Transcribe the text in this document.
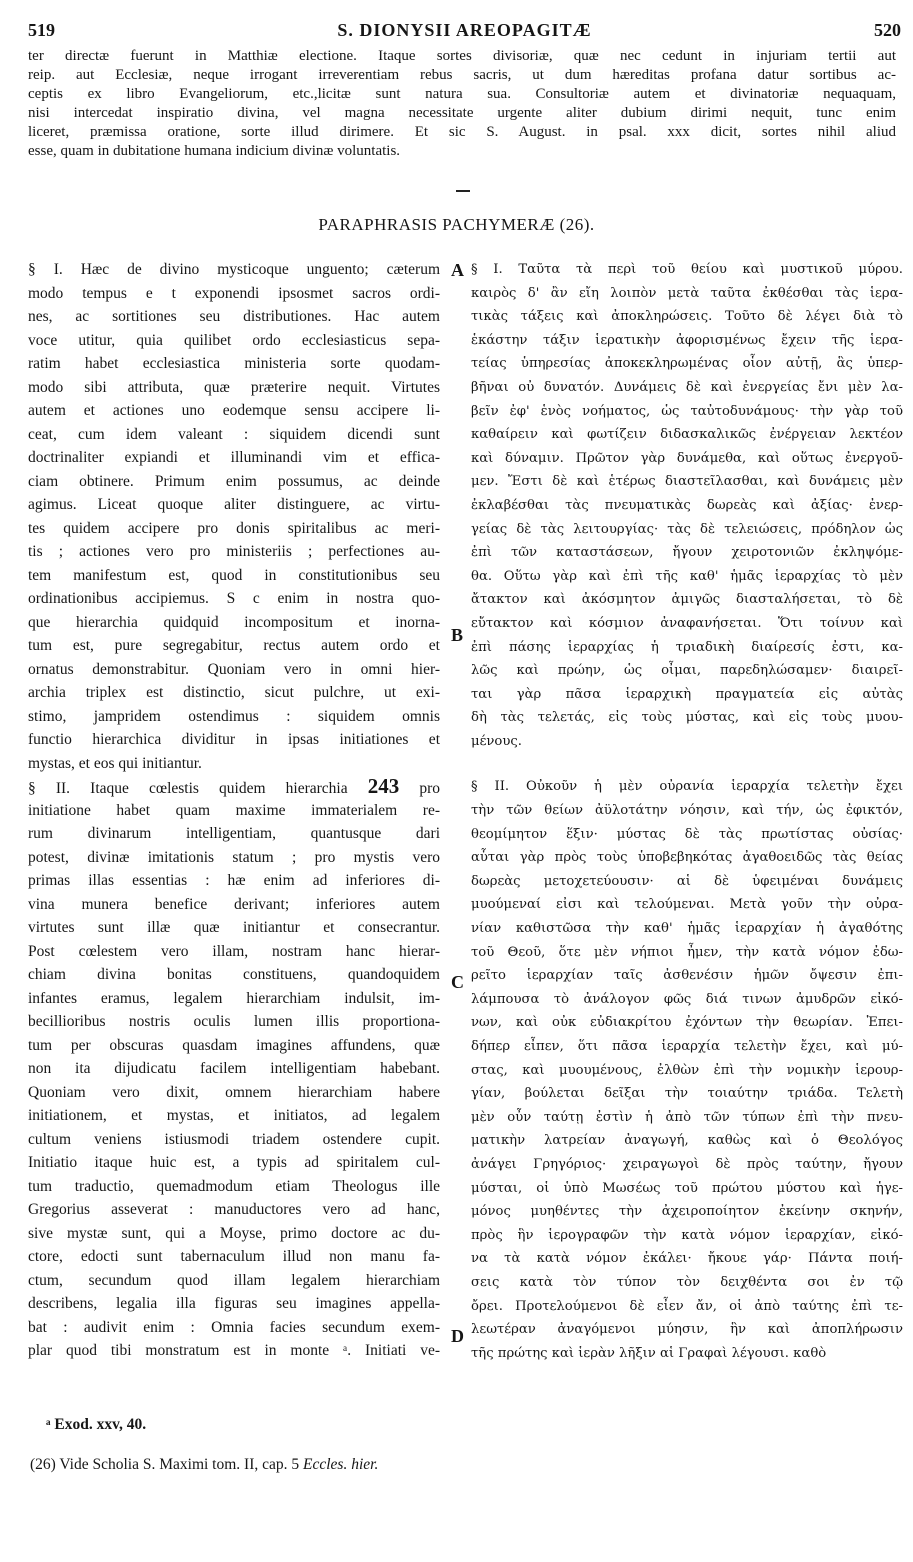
519	S. DIONYSII AREOPAGITÆ	520
ter directæ fuerunt in Matthiæ electione. Itaque sortes divisoriæ, quæ nec cedunt in injuriam tertii aut
reip. aut Ecclesiæ, neque irrogant irreverentiam rebus sacris, ut dum hæreditas profana datur sortibus ac-
ceptis ex libro Evangeliorum, etc.,licitæ sunt natura sua. Consultoriæ autem et divinatoriæ nequaquam,
nisi intercedat inspiratio divina, vel magna necessitate urgente aliter dubium dirimi nequit, tunc enim
liceret, præmissa oratione, sorte illud dirimere. Et sic S. August. in psal. xxx dicit, sortes nihil aliud
esse, quam in dubitatione humana indicium divinæ voluntatis.
PARAPHRASIS PACHYMERÆ (26).
§ I. Hæc de divino mysticoque unguento; cæterum
modo tempus e t exponendi ipsosmet sacros ordi-
nes, ac sortitiones seu distributiones. Hac autem
voce utitur, quia quilibet ordo ecclesiasticus sepa-
ratim habet ecclesiastica ministeria sorte quodam-
modo sibi attributa, quæ præterire nequit. Virtutes
autem et actiones uno eodemque sensu accipere li-
ceat, cum idem valeant : siquidem dicendi sunt
doctrinaliter expiandi et illuminandi vim et effica-
ciam obtinere. Primum enim possumus, ac deinde
agimus. Liceat quoque aliter distinguere, ac virtu-
tes quidem accipere pro donis spiritalibus ac meri-
tis ; actiones vero pro ministeriis ; perfectiones au-
tem manifestum est, quod in constitutionibus seu
ordinationibus accipiemus. S c enim in nostra quo-
que hierarchia quidquid incompositum et inorna-
tum est, pure segregabitur, rectus autem ordo et
ornatus demonstrabitur. Quoniam vero in omni hier-
archia triplex est distinctio, sicut pulchre, ut exi-
stimo, jampridem ostendimus : siquidem omnis
functio hierarchica dividitur in ipsas initiationes et
mystas, et eos qui initiantur.
§ II. Itaque cœlestis quidem hierarchia 243 pro
initiatione habet quam maxime immaterialem re-
rum divinarum intelligentiam, quantusque dari
potest, divinæ imitationis statum ; pro mystis vero
primas illas essentias : hæ enim ad inferiores di-
vina munera benefice derivant; inferiores autem
virtutes sunt illæ quæ initiantur et consecrantur.
Post cœlestem vero illam, nostram hanc hierar-
chiam divina bonitas constituens, quandoquidem
infantes eramus, legalem hierarchiam indulsit, im-
becillioribus nostris oculis lumen illis proportiona-
tum per obscuras quasdam imagines affundens, quæ
non ita dijudicatu facilem intelligentiam habebant.
Quoniam vero dixit, omnem hierarchiam habere
initiationem, et mystas, et initiatos, ad legalem
cultum veniens istiusmodi triadem ostendere cupit.
Initiatio itaque huic est, a typis ad spiritalem cul-
tum traductio, quemadmodum etiam Theologus ille
Gregorius asseverat : manuductores vero ad hanc,
sive mystæ sunt, qui a Moyse, primo doctore ac du-
ctore, edocti sunt tabernaculum illud non manu fa-
ctum, secundum quod illam legalem hierarchiam
describens, legalia illa figuras seu imagines appella-
bat : audivit enim : Omnia facies secundum exem-
plar quod tibi monstratum est in monte ᵃ. Initiati ve-
A
B
C
D
§ I. Ταῦτα τὰ περὶ τοῦ θείου καὶ μυστικοῦ μύρου.
καιρὸς δ' ἂν εἴη λοιπὸν μετὰ ταῦτα ἐκθέσθαι τὰς ἱερα-
τικὰς τάξεις καὶ ἀποκληρώσεις. Τοῦτο δὲ λέγει διὰ τὸ
ἑκάστην τάξιν ἱερατικὴν ἀφορισμένως ἔχειν τῆς ἱερα-
τείας ὑπηρεσίας ἀποκεκληρωμένας οἷον αὐτῇ, ἃς ὑπερ-
βῆναι οὐ δυνατόν. Δυνάμεις δὲ καὶ ἐνεργείας ἔνι μὲν λα-
βεῖν ἐφ' ἑνὸς νοήματος, ὡς ταὐτοδυνάμους· τὴν γὰρ τοῦ
καθαίρειν καὶ φωτίζειν διδασκαλικῶς ἐνέργειαν λεκτέον
καὶ δύναμιν. Πρῶτον γὰρ δυνάμεθα, καὶ οὕτως ἐνεργοῦ-
μεν. Ἔστι δὲ καὶ ἑτέρως διαστεῖλασθαι, καὶ δυνάμεις μὲν
ἐκλαβέσθαι τὰς πνευματικὰς δωρεὰς καὶ ἀξίας· ἐνερ-
γείας δὲ τὰς λειτουργίας· τὰς δὲ τελειώσεις, πρόδηλον ὡς
ἐπὶ τῶν καταστάσεων, ἤγουν χειροτονιῶν ἐκληψόμε-
θα. Οὕτω γὰρ καὶ ἐπὶ τῆς καθ' ἡμᾶς ἱεραρχίας τὸ μὲν
ἄτακτον καὶ ἀκόσμητον ἀμιγῶς διασταλήσεται, τὸ δὲ
εὔτακτον καὶ κόσμιον ἀναφανήσεται. Ὅτι τοίνυν καὶ
ἐπὶ πάσης ἱεραρχίας ἡ τριαδικὴ διαίρεσίς ἐστι, κα-
λῶς καὶ πρώην, ὡς οἶμαι, παρεδηλώσαμεν· διαιρεῖ-
ται γὰρ πᾶσα ἱεραρχικὴ πραγματεία εἰς αὐτὰς
δὴ τὰς τελετάς, εἰς τοὺς μύστας, καὶ εἰς τοὺς μυου-
μένους.
§ II. Οὐκοῦν ἡ μὲν οὐρανία ἱεραρχία τελετὴν ἔχει
τὴν τῶν θείων ἀϋλοτάτην νόησιν, καὶ τήν, ὡς ἐφικτόν,
θεομίμητον ἕξιν· μύστας δὲ τὰς πρωτίστας οὐσίας·
αὗται γὰρ πρὸς τοὺς ὑποβεβηκότας ἀγαθοειδῶς τὰς θείας
δωρεὰς μετοχετεύουσιν· αἱ δὲ ὑφειμέναι δυνάμεις
μυούμεναί εἰσι καὶ τελούμεναι. Μετὰ γοῦν τὴν οὐρα-
νίαν καθιστῶσα τὴν καθ' ἡμᾶς ἱεραρχίαν ἡ ἀγαθότης
τοῦ Θεοῦ, ὅτε μὲν νήπιοι ἦμεν, τὴν κατὰ νόμον ἐδω-
ρεῖτο ἱεραρχίαν ταῖς ἀσθενέσιν ἡμῶν ὄψεσιν ἐπι-
λάμπουσα τὸ ἀνάλογον φῶς διά τινων ἀμυδρῶν εἰκό-
νων, καὶ οὐκ εὐδιακρίτου ἐχόντων τὴν θεωρίαν. Ἐπει-
δήπερ εἶπεν, ὅτι πᾶσα ἱεραρχία τελετὴν ἔχει, καὶ μύ-
στας, καὶ μυουμένους, ἐλθὼν ἐπὶ τὴν νομικὴν ἱερουρ-
γίαν, βούλεται δεῖξαι τὴν τοιαύτην τριάδα. Τελετὴ
μὲν οὖν ταύτῃ ἐστὶν ἡ ἀπὸ τῶν τύπων ἐπὶ τὴν πνευ-
ματικὴν λατρείαν ἀναγωγή, καθὼς καὶ ὁ Θεολόγος
ἀνάγει Γρηγόριος· χειραγωγοὶ δὲ πρὸς ταύτην, ἤγουν
μύσται, οἱ ὑπὸ Μωσέως τοῦ πρώτου μύστου καὶ ἡγε-
μόνος μυηθέντες τὴν ἀχειροποίητον ἐκείνην σκηνήν,
πρὸς ἣν ἱερογραφῶν τὴν κατὰ νόμον ἱεραρχίαν, εἰκό-
να τὰ κατὰ νόμον ἐκάλει· ἤκουε γάρ· Πάντα ποιή-
σεις κατὰ τὸν τύπον τὸν δειχθέντα σοι ἐν τῷ
ὄρει. Προτελούμενοι δὲ εἶεν ἄν, οἱ ἀπὸ ταύτης ἐπὶ τε-
λεωτέραν ἀναγόμενοι μύησιν, ἣν καὶ ἀποπλήρωσιν
τῆς πρώτης καὶ ἱερὰν λῆξιν αἱ Γραφαὶ λέγουσι. καθὸ
ᵃ Exod. xxv, 40.
(26) Vide Scholia S. Maximi tom. II, cap. 5 Eccles. hier.
